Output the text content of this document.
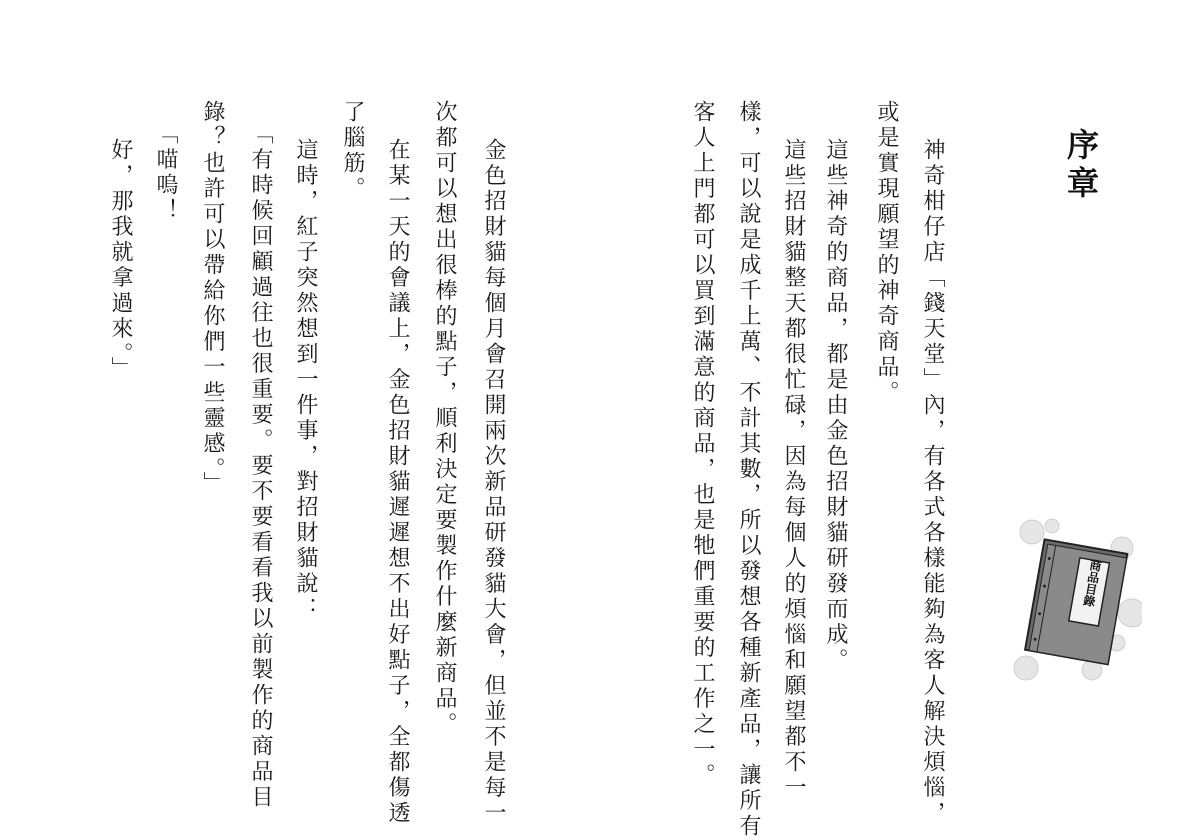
序章
神奇柑仔店「錢天堂」內，有各式各樣能夠為客人解決煩惱，
或是實現願望的神奇商品。
這些神奇的商品，都是由金色招財貓研發而成。
這些招財貓整天都很忙碌，因為每個人的煩惱和願望都不一
樣，可以說是成千上萬、不計其數，所以發想各種新產品，讓所有
客人上門都可以買到滿意的商品，也是牠們重要的工作之一。
金色招財貓每個月會召開兩次新品研發貓大會，但並不是每一
次都可以想出很棒的點子，順利決定要製作什麼新商品。
在某一天的會議上，金色招財貓遲遲想不出好點子，全都傷透
了腦筋。
這時，紅子突然想到一件事，對招財貓說：
「有時候回顧過往也很重要。要不要看看我以前製作的商品目
錄？也許可以帶給你們一些靈感。」
「喵嗚！
好，那我就拿過來。」
商品目錄
